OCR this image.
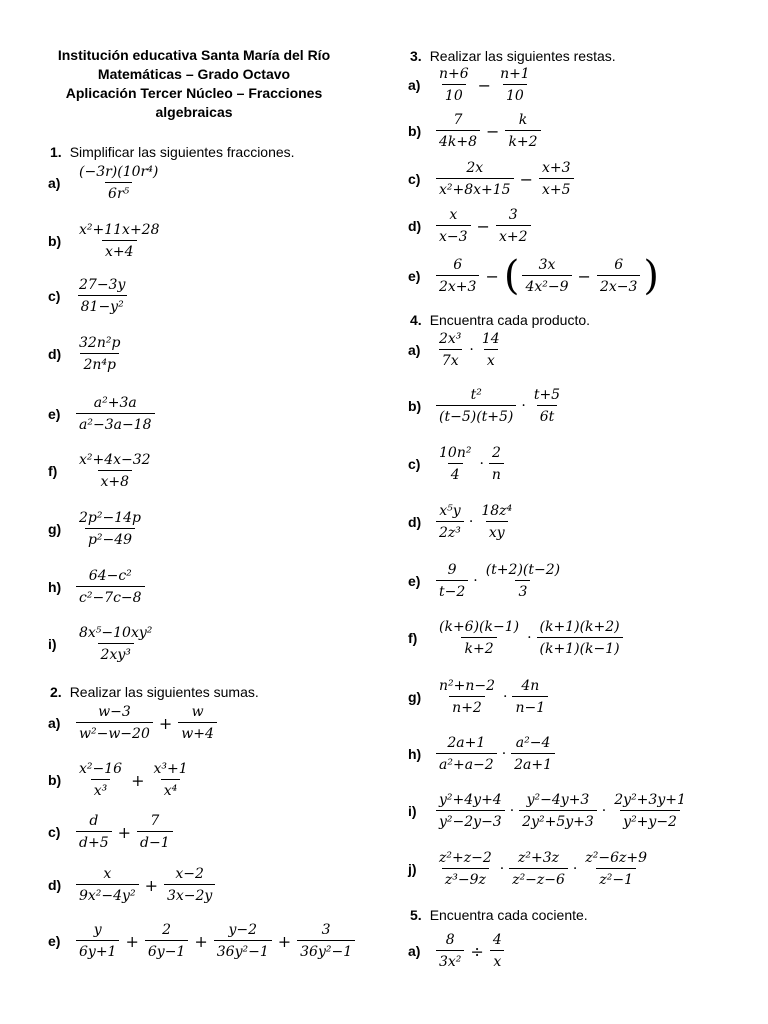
Institución educativa Santa María del Río
Matemáticas – Grado Octavo
Aplicación Tercer Núcleo – Fracciones
algebraicas
1. Simplificar las siguientes fracciones.
a)	$\frac{\text{(−3r)(10r⁴)}}{\text{6r⁵}}$
b)	$\frac{\text{x²+11x+28}}{x+4}$
c)	$\frac{27-3y}{\text{81−y²}}$
d)	$\frac{\text{32n²p}}{\text{2n⁴p}}$
e)	$\frac{\text{a²+3a}}{\text{a²−3a−18}}$
f)	$\frac{\text{x²+4x−32}}{x+8}$
g)	$\frac{\text{2p²−14p}}{\text{p²−49}}$
h)	$\frac{\text{64−c²}}{\text{c²−7c−8}}$
i)	$\frac{\text{8x⁵−10xy²}}{\text{2xy³}}$
2. Realizar las siguientes sumas.
a)	$\frac{w-3}{\text{w²−w−20}} + \frac{w}{w+4}$
b)	$\frac{\text{x²−16}}{\text{x³}} + \frac{\text{x³+1}}{\text{x⁴}}$
c)	$\frac{d}{d+5} + \frac{7}{d-1}$
d)	$\frac{x}{\text{9x²−4y²}} + \frac{x-2}{3x-2y}$
e)	$\frac{y}{6y+1} + \frac{2}{6y-1} + \frac{y-2}{\text{36y²−1}} + \frac{3}{\text{36y²−1}}$
3. Realizar las siguientes restas.
a)	$\frac{n+6}{10} - \frac{n+1}{10}$
b)	$\frac{7}{4k+8} - \frac{k}{k+2}$
c)	$\frac{2x}{\text{x²+8x+15}} - \frac{x+3}{x+5}$
d)	$\frac{x}{x-3} - \frac{3}{x+2}$
e)	$\frac{6}{2x+3}$ − ( $\frac{3x}{\text{4x²−9}} - \frac{6}{2x-3}$ )
4. Encuentra cada producto.
a)	$\frac{\text{2x³}}{7x} \cdot \frac{14}{x}$
b)	$\frac{\text{t²}}{(t-5)(t+5)} \cdot \frac{t+5}{6t}$
c)	$\frac{\text{10n²}}{4} \cdot \frac{2}{n}$
d)	$\frac{\text{x⁵y}}{\text{2z³}} \cdot \frac{\text{18z⁴}}{xy}$
e)	$\frac{9}{t-2} \cdot \frac{(t+2)(t-2)}{3}$
f)	$\frac{(k+6)(k-1)}{k+2} \cdot \frac{(k+1)(k+2)}{(k+1)(k-1)}$
g)	$\frac{\text{n²+n−2}}{n+2} \cdot \frac{4n}{n-1}$
h)	$\frac{2a+1}{\text{a²+a−2}} \cdot \frac{\text{a²−4}}{2a+1}$
i)	$\frac{\text{y²+4y+4}}{\text{y²−2y−3}} \cdot \frac{\text{y²−4y+3}}{\text{2y²+5y+3}} \cdot \frac{\text{2y²+3y+1}}{\text{y²+y−2}}$
j)	$\frac{\text{z²+z−2}}{\text{z³−9z}} \cdot \frac{\text{z²+3z}}{\text{z²−z−6}} \cdot \frac{\text{z²−6z+9}}{\text{z²−1}}$
5. Encuentra cada cociente.
a)	$\frac{8}{\text{3x²}} \div \frac{4}{x}$
